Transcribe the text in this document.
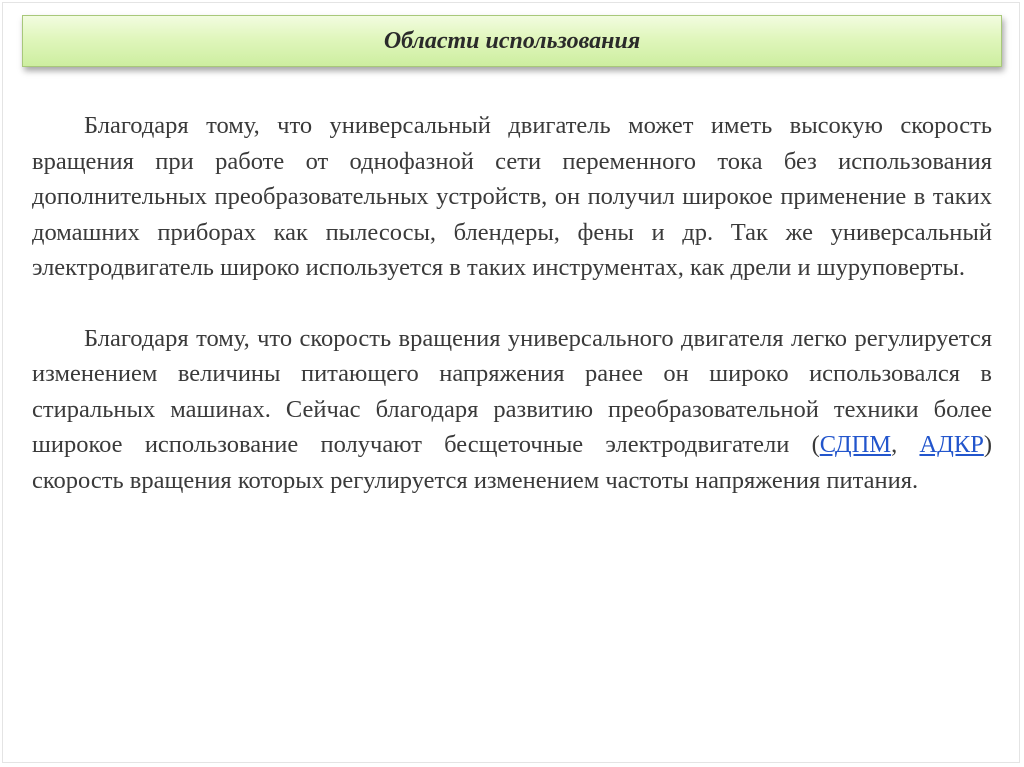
Области использования

Благодаря тому, что универсальный двигатель может иметь высокую скорость вращения при работе от однофазной сети переменного тока без использования дополнительных преобразовательных устройств, он получил широкое применение в таких домашних приборах как пылесосы, блендеры, фены и др. Так же универсальный электродвигатель широко используется в таких инструментах, как дрели и шуруповерты.

Благодаря тому, что скорость вращения универсального двигателя легко регулируется изменением величины питающего напряжения ранее он широко использовался в стиральных машинах. Сейчас благодаря развитию преобразовательной техники более широкое использование получают бесщеточные электродвигатели (СДПМ, АДКР) скорость вращения которых регулируется изменением частоты напряжения питания.
